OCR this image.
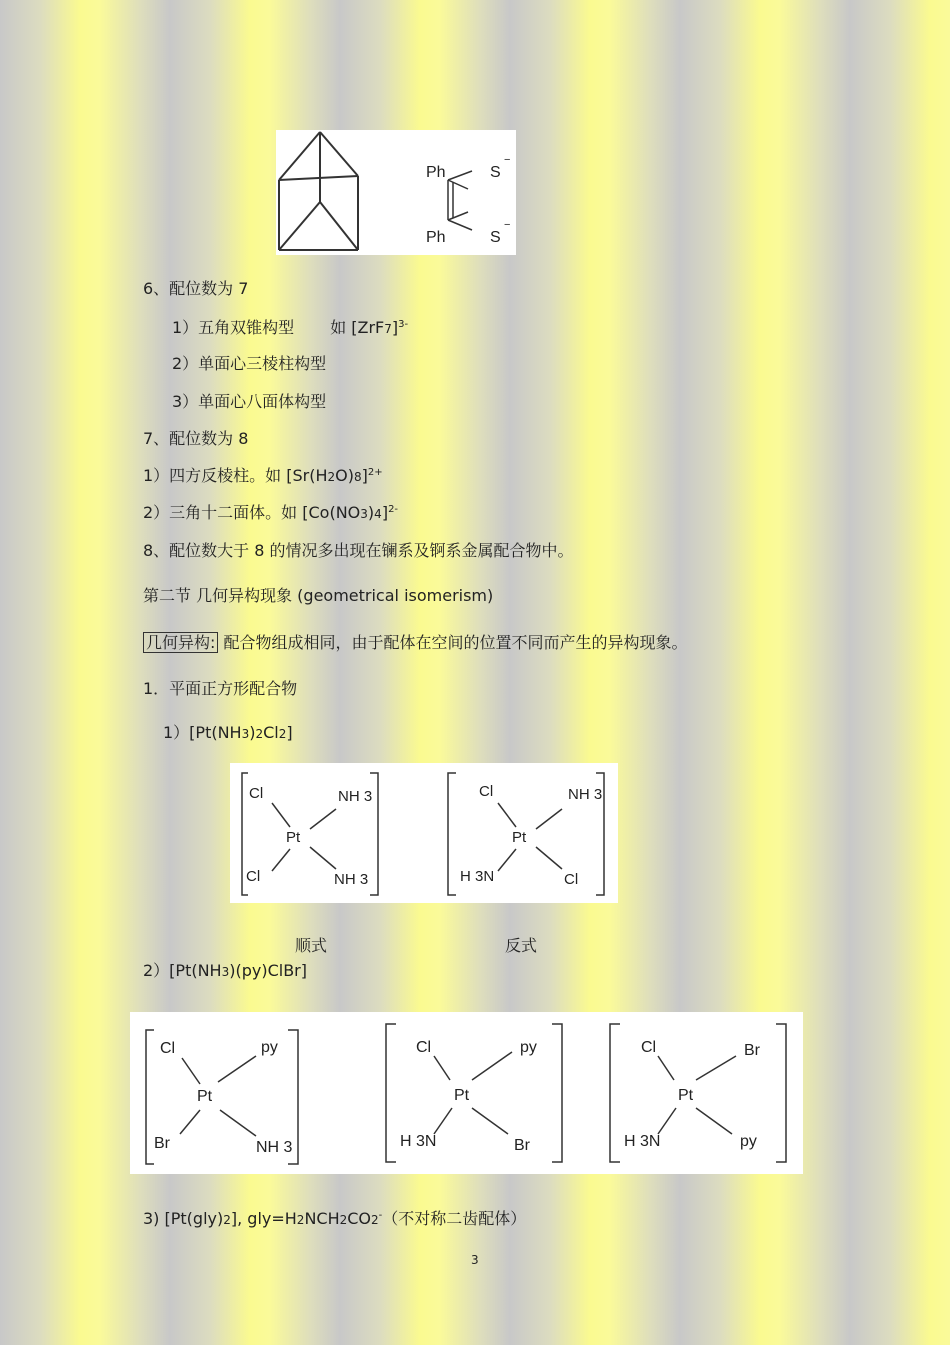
Ph	S
−
Ph	S
−
6、配位数为 7
1）五角双锥构型 如 $[ZrF7]^{3-}$
2）单面心三棱柱构型
3）单面心八面体构型
7、配位数为 8
1）四方反棱柱。如 $[Sr(H2O)8]^{2+}$
2）三角十二面体。如 $[Co(NO3)4]^{2-}$
8、配位数大于 8 的情况多出现在镧系及锕系金属配合物中。
第二节 几何异构现象 (geometrical isomerism)
几何异构: 配合物组成相同，由于配体在空间的位置不同而产生的异构现象。
1．平面正方形配合物
1）[Pt(NH3)2Cl2]
Cl	NH 3
Pt
Cl	NH 3
Cl	NH 3
Pt
H 3N	Cl
顺式	反式
2）[Pt(NH3)(py)ClBr]
Cl	py
Pt
Br	NH 3
Cl	py
Pt
H 3N	Br
Cl	Br
Pt
H 3N	py
3) [Pt(gly)2], gly=H2NCH2CO2-（不对称二齿配体）
3
